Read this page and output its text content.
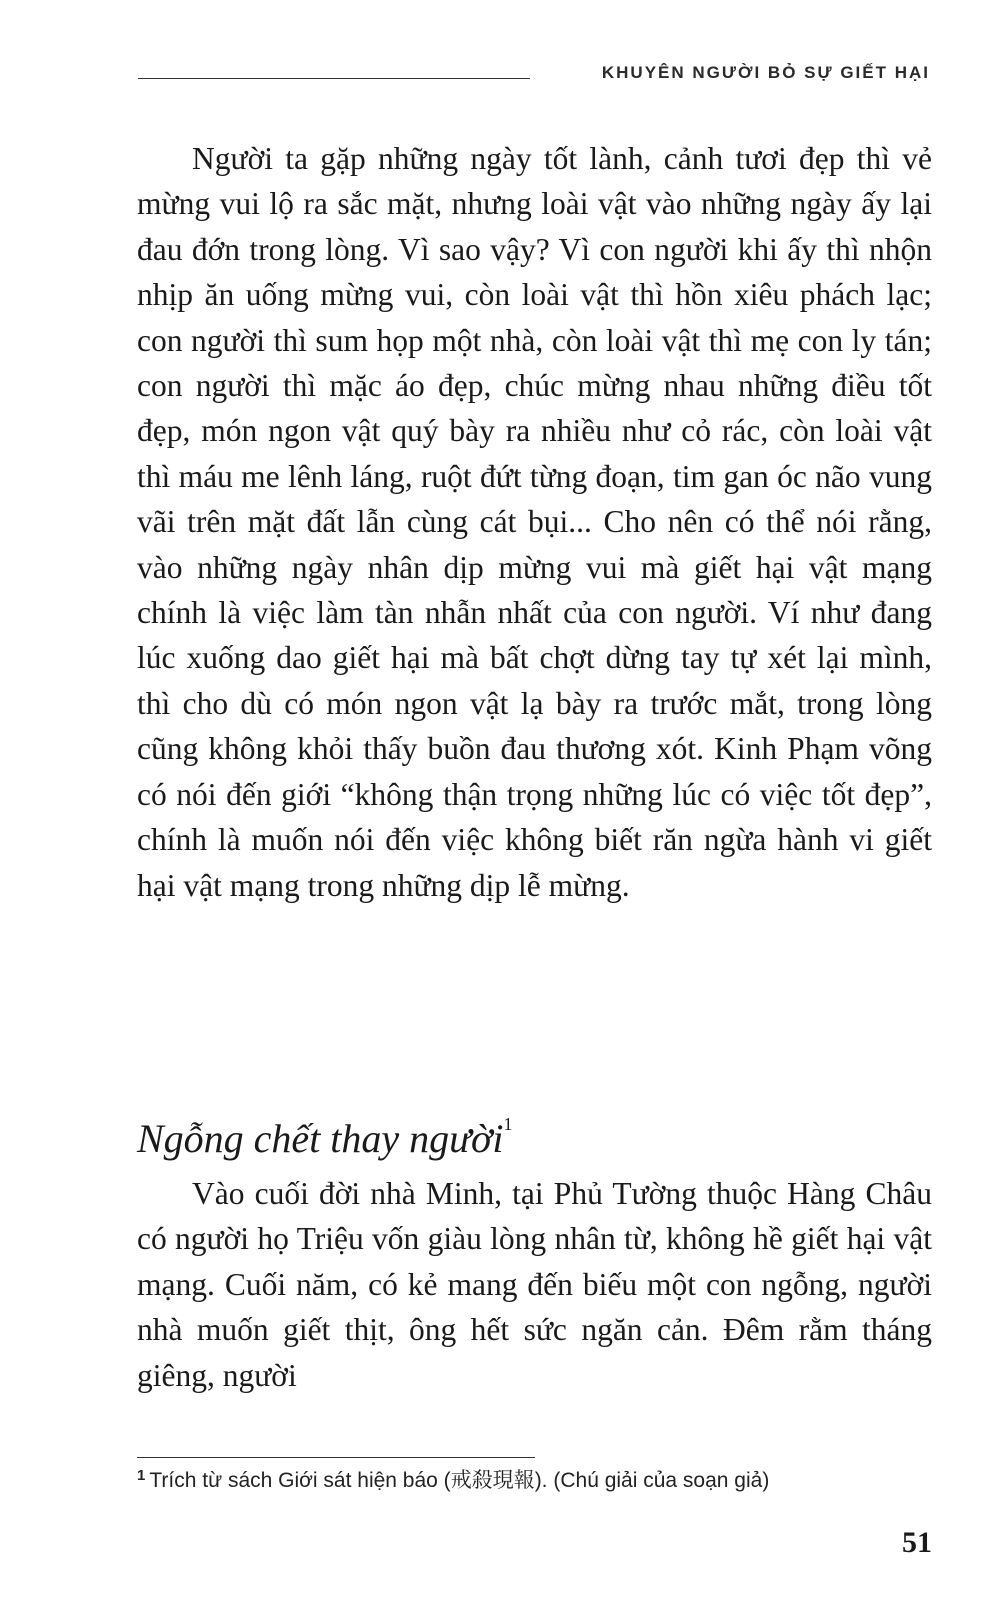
KHUYÊN NGƯỜI BỎ SỰ GIẾT HẠI

Người ta gặp những ngày tốt lành, cảnh tươi đẹp thì vẻ mừng vui lộ ra sắc mặt, nhưng loài vật vào những ngày ấy lại đau đớn trong lòng. Vì sao vậy? Vì con người khi ấy thì nhộn nhịp ăn uống mừng vui, còn loài vật thì hồn xiêu phách lạc; con người thì sum họp một nhà, còn loài vật thì mẹ con ly tán; con người thì mặc áo đẹp, chúc mừng nhau những điều tốt đẹp, món ngon vật quý bày ra nhiều như cỏ rác, còn loài vật thì máu me lênh láng, ruột đứt từng đoạn, tim gan óc não vung vãi trên mặt đất lẫn cùng cát bụi... Cho nên có thể nói rằng, vào những ngày nhân dịp mừng vui mà giết hại vật mạng chính là việc làm tàn nhẫn nhất của con người. Ví như đang lúc xuống dao giết hại mà bất chợt dừng tay tự xét lại mình, thì cho dù có món ngon vật lạ bày ra trước mắt, trong lòng cũng không khỏi thấy buồn đau thương xót. Kinh Phạm võng có nói đến giới “không thận trọng những lúc có việc tốt đẹp”, chính là muốn nói đến việc không biết răn ngừa hành vi giết hại vật mạng trong những dịp lễ mừng.

Ngỗng chết thay người$^1$

Vào cuối đời nhà Minh, tại Phủ Tường thuộc Hàng Châu có người họ Triệu vốn giàu lòng nhân từ, không hề giết hại vật mạng. Cuối năm, có kẻ mang đến biếu một con ngỗng, người nhà muốn giết thịt, ông hết sức ngăn cản. Đêm rằm tháng giêng, người

$^1$ Trích từ sách Giới sát hiện báo (戒殺現報). (Chú giải của soạn giả)
51
